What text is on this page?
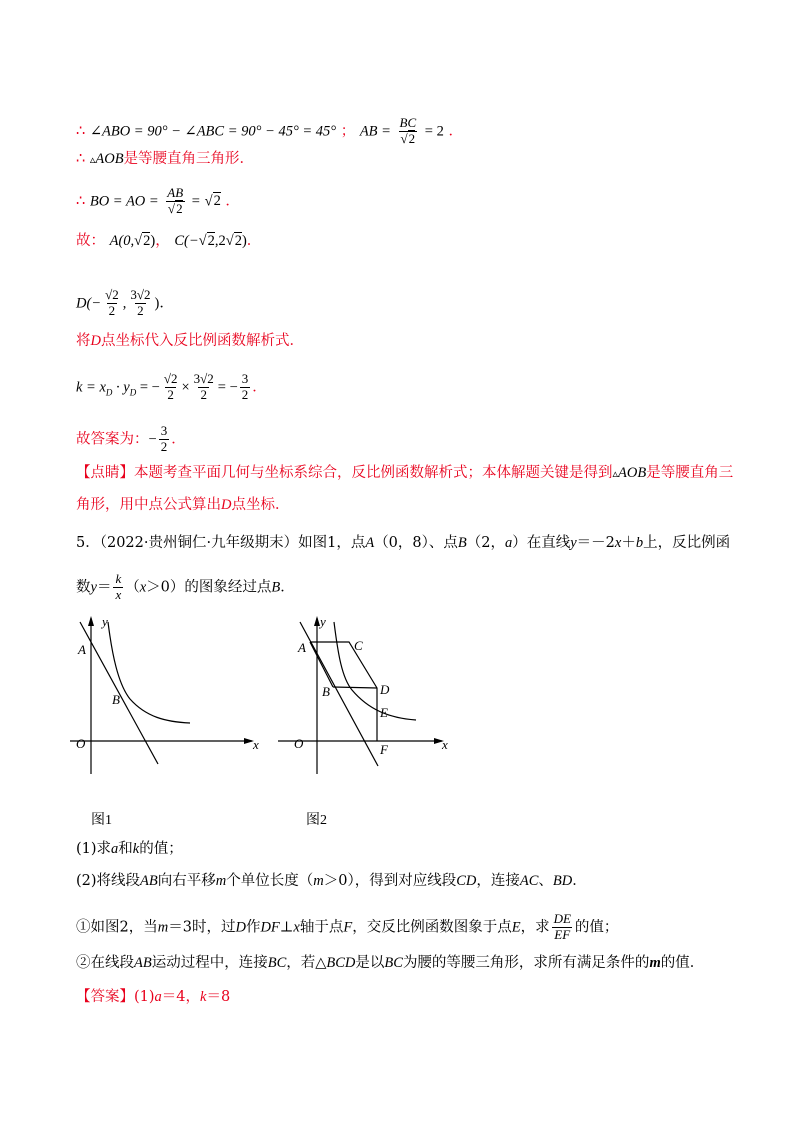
∴ ∠ABO = 90° − ∠ABC = 90° − 45° = 45° ； AB = $\frac{BC}{√2} = 2$ ．
∴ ▵AOB是等腰直角三角形．
∴ BO = AO = $\frac{AB}{√2} = √2$ ．
故： A(0,√2)， C(−√2,2√2)．
$D(- \frac{√2}{2}$ , $\frac{3√2}{2}$ )．
将D点坐标代入反比例函数解析式．
$k = x_D \cdot y_D$ = − $\frac{√2}{2} \times \frac{3√2}{2}$ = − $\frac{3}{2}$ ．
故答案为：− $\frac{3}{2}$ ．
【点睛】本题考查平面几何与坐标系综合，反比例函数解析式；本体解题关键是得到▵AOB是等腰直角三
角形，用中点公式算出D点坐标．
5．（2022·贵州铜仁·九年级期末）如图1，点A（0，8）、点B（2，a）在直线y＝－2x＋b上，反比例函
数$y= \frac{k}{x} (x>0)$的图象经过点B．
y
x
O
A
B
图1
y
x
O
A
B
C
D
E
F
图2
(1)求a和k的值；
(2)将线段AB向右平移m个单位长度（m＞0），得到对应线段CD，连接AC、BD．
①如图2，当m＝3时，过D作DF⊥x轴于点F，交反比例函数图象于点E，求 $\frac{DE}{EF}$ 的值；
②在线段AB运动过程中，连接BC，若△BCD是以BC为腰的等腰三角形，求所有满足条件的m的值．
【答案】(1)a＝4，k＝8
